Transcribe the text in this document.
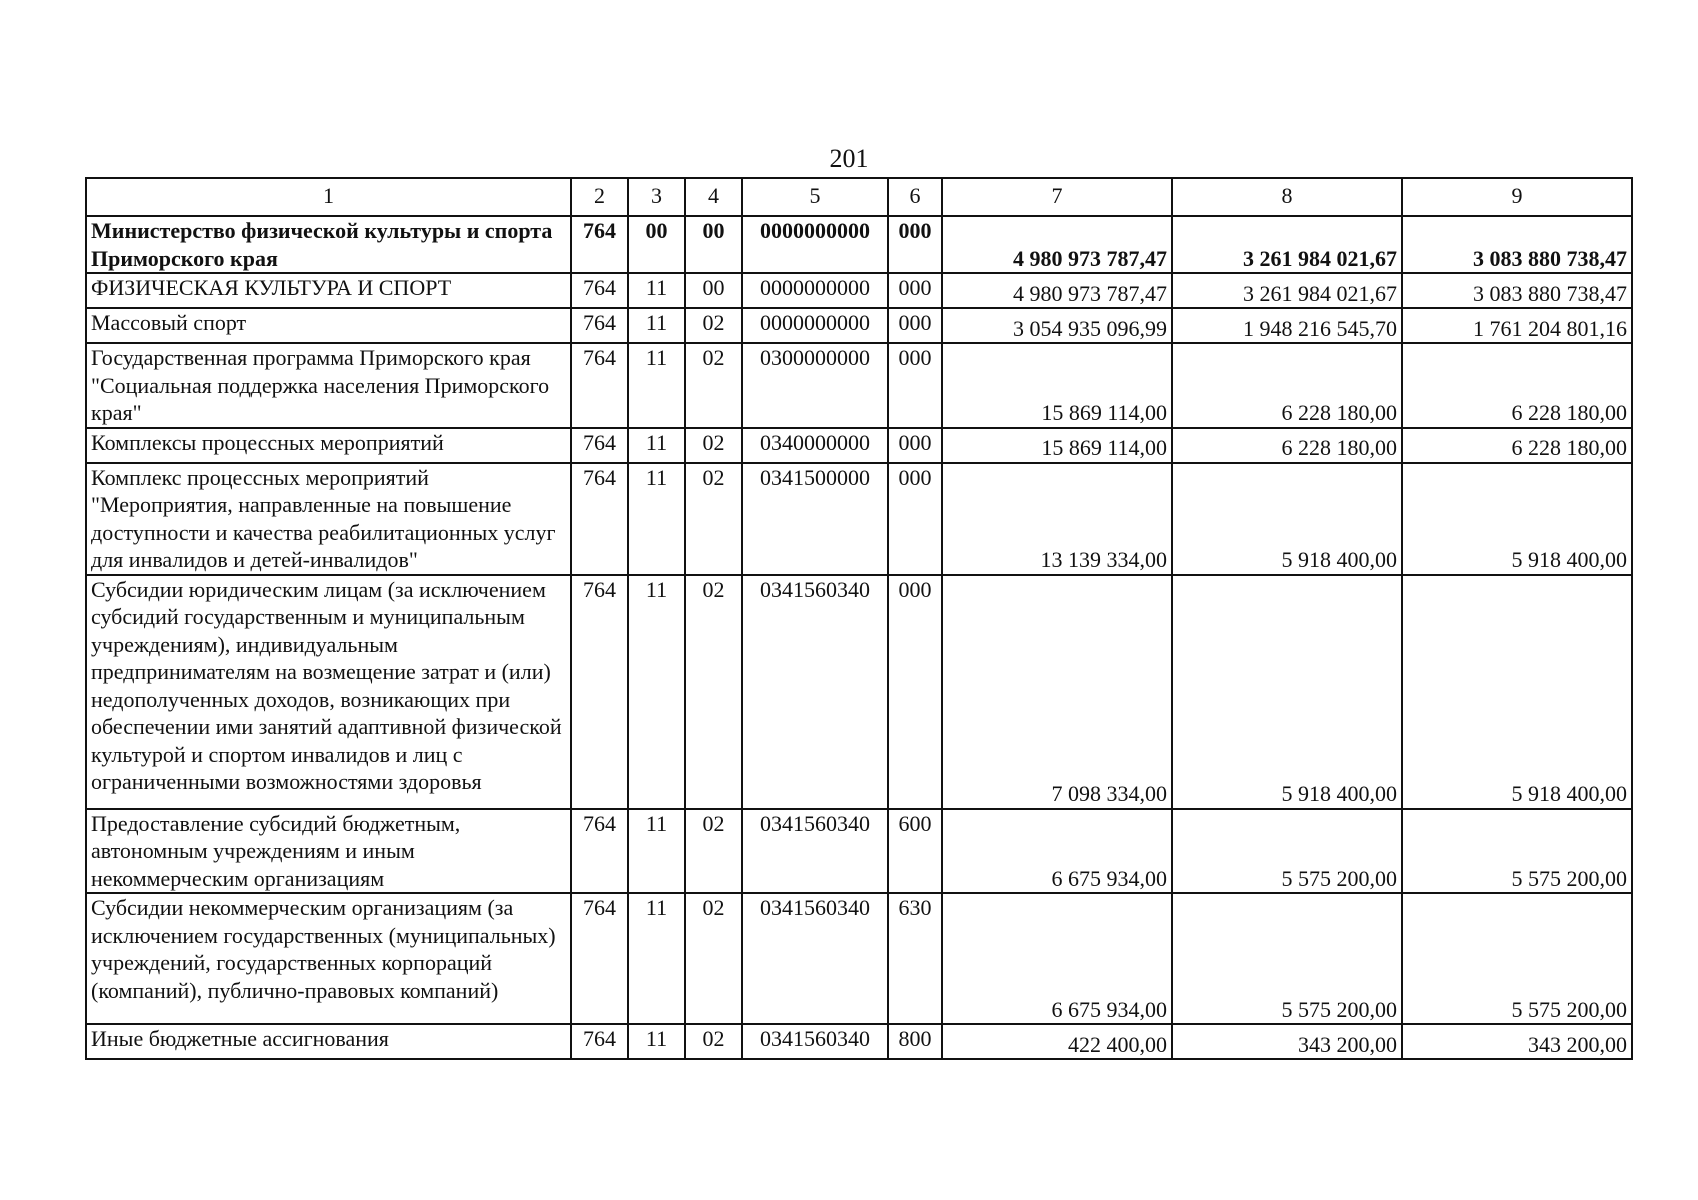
201
1	2	3	4	5	6	7	8	9
Министерство физической культуры и спорта Приморского края	764	00	00	0000000000	000	4 980 973 787,47	3 261 984 021,67	3 083 880 738,47
ФИЗИЧЕСКАЯ КУЛЬТУРА И СПОРТ	764	11	00	0000000000	000	4 980 973 787,47	3 261 984 021,67	3 083 880 738,47
Массовый спорт	764	11	02	0000000000	000	3 054 935 096,99	1 948 216 545,70	1 761 204 801,16
Государственная программа Приморского края "Социальная поддержка населения Приморского края"	764	11	02	0300000000	000	15 869 114,00	6 228 180,00	6 228 180,00
Комплексы процессных мероприятий	764	11	02	0340000000	000	15 869 114,00	6 228 180,00	6 228 180,00
Комплекс процессных мероприятий "Мероприятия, направленные на повышение доступности и качества реабилитационных услуг для инвалидов и детей-инвалидов"	764	11	02	0341500000	000	13 139 334,00	5 918 400,00	5 918 400,00
Субсидии юридическим лицам (за исключением субсидий государственным и муниципальным учреждениям), индивидуальным предпринимателям на возмещение затрат и (или) недополученных доходов, возникающих при обеспечении ими занятий адаптивной физической культурой и спортом инвалидов и лиц с ограниченными возможностями здоровья	764	11	02	0341560340	000	7 098 334,00	5 918 400,00	5 918 400,00
Предоставление субсидий бюджетным, автономным учреждениям и иным некоммерческим организациям	764	11	02	0341560340	600	6 675 934,00	5 575 200,00	5 575 200,00
Субсидии некоммерческим организациям (за исключением государственных (муниципальных) учреждений, государственных корпораций (компаний), публично-правовых компаний)	764	11	02	0341560340	630	6 675 934,00	5 575 200,00	5 575 200,00
Иные бюджетные ассигнования	764	11	02	0341560340	800	422 400,00	343 200,00	343 200,00
